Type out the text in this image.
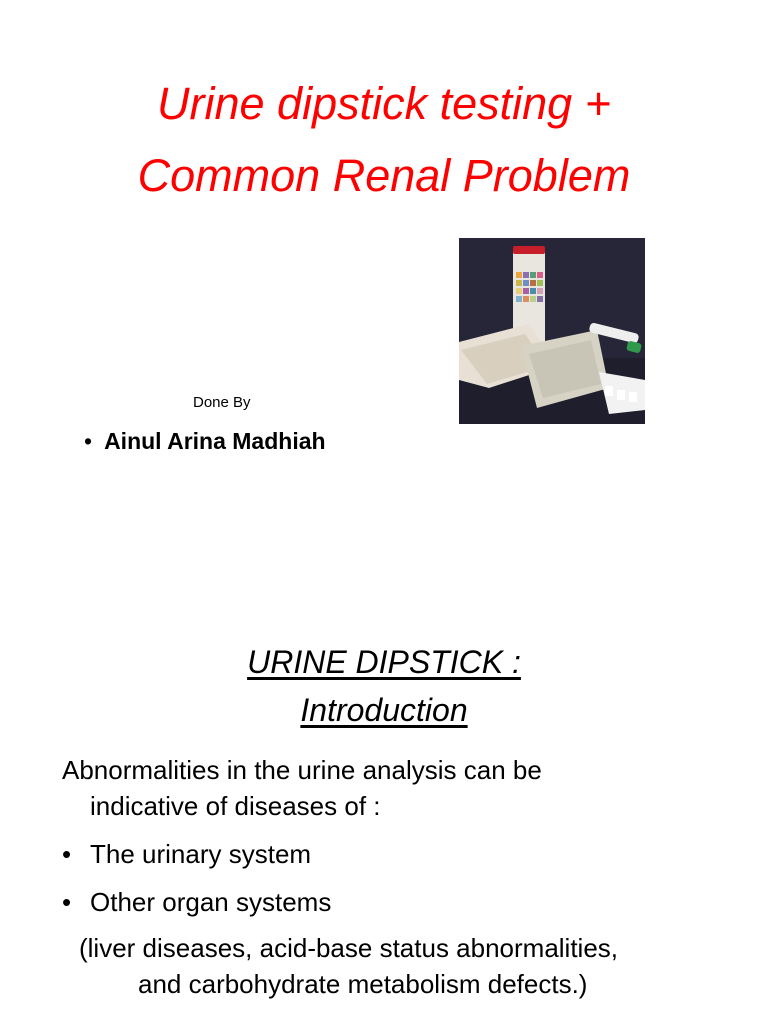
Urine dipstick testing +
Common Renal Problem
Done By
• Ainul Arina Madhiah
URINE DIPSTICK :
Introduction
Abnormalities in the urine analysis can be
indicative of diseases of :
• The urinary system
• Other organ systems
(liver diseases, acid-base status abnormalities,
and carbohydrate metabolism defects.)
